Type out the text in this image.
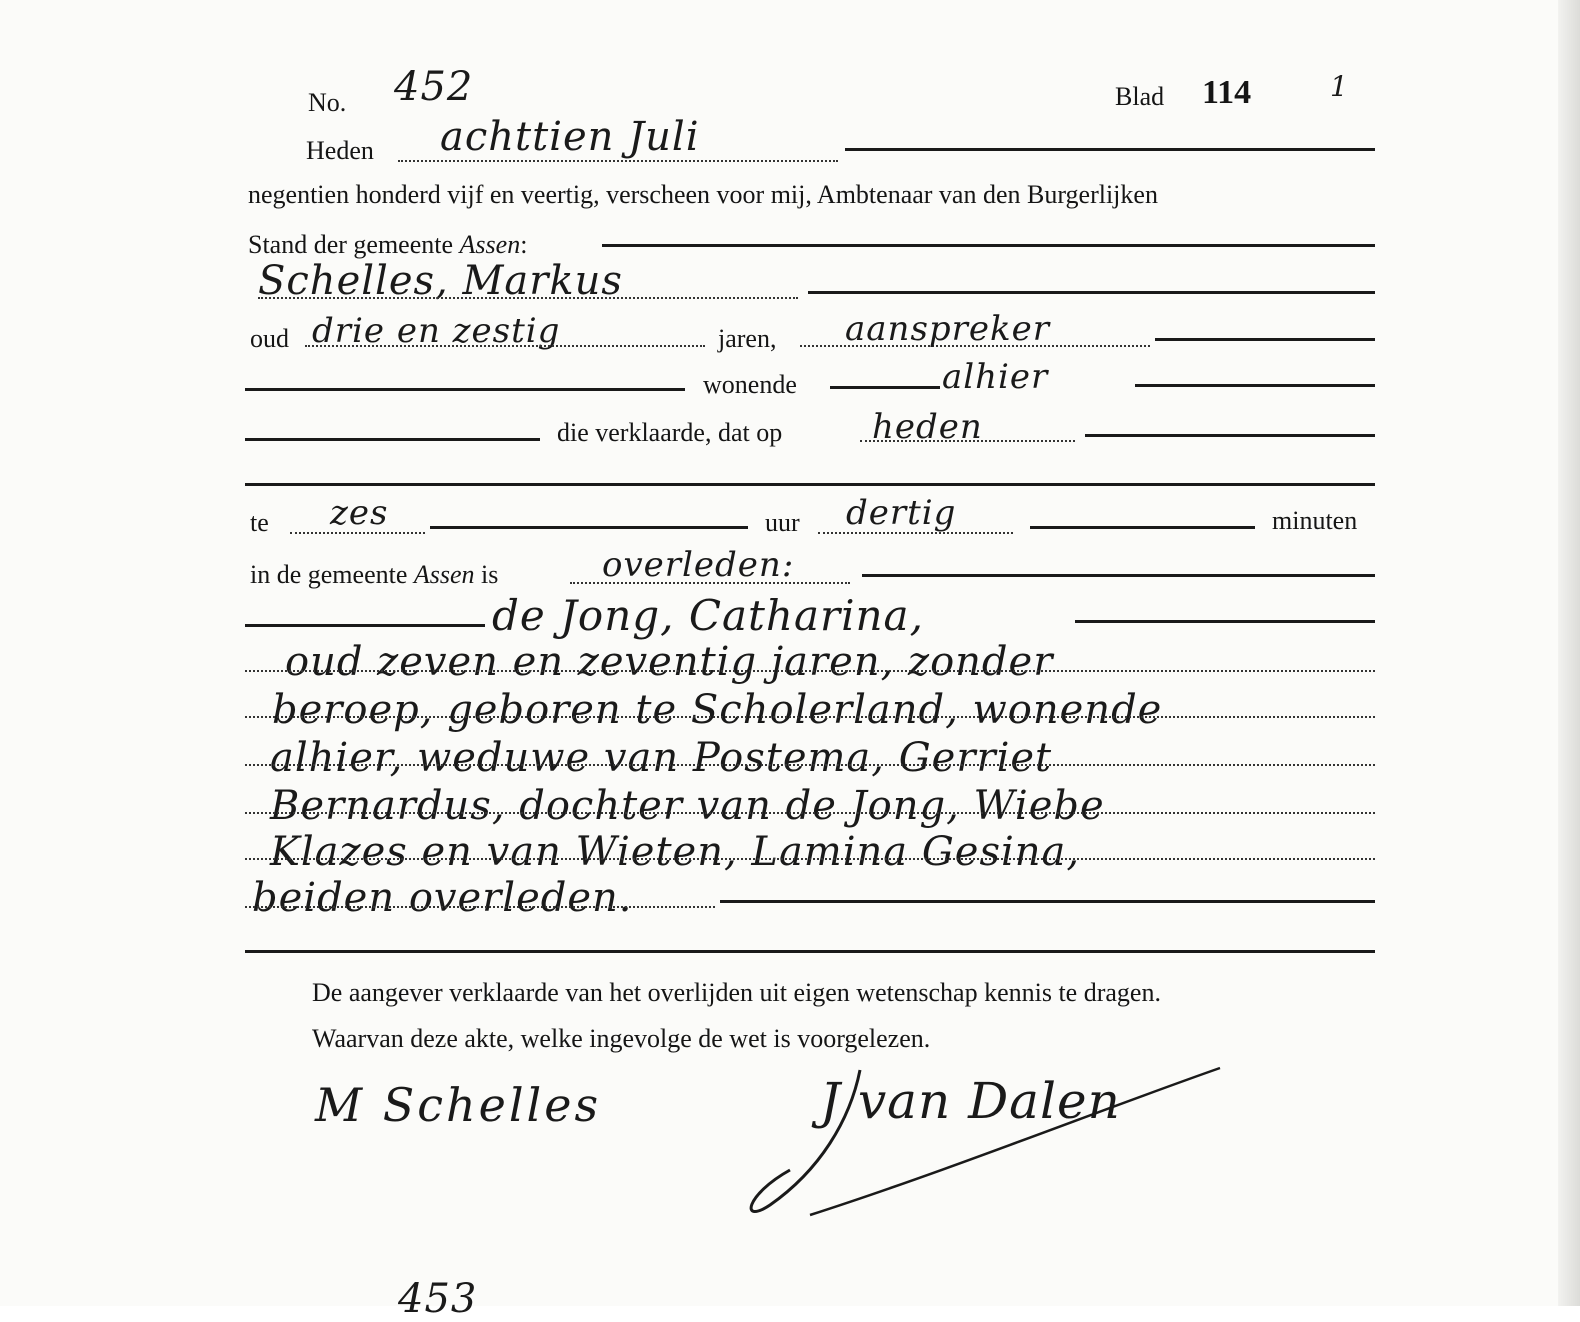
No. 452	Blad 114	1
Heden achttien Juli
negentien honderd vijf en veertig, verscheen voor mij, Ambtenaar van den Burgerlijken
Stand der gemeente Assen:
Schelles, Markus
oud drie en zestig	jaren, aanspreker
wonende	alhier
die verklaarde, dat op	heden
te zes	uur dertig	minuten
in de gemeente Assen is	overleden:
de Jong, Catharina,
oud zeven en zeventig jaren, zonder
beroep, geboren te Scholerland, wonende
alhier, weduwe van Postema, Gerriet
Bernardus, dochter van de Jong, Wiebe
Klazes en van Wieten, Lamina Gesina,
beiden overleden.
De aangever verklaarde van het overlijden uit eigen wetenschap kennis te dragen.
Waarvan deze akte, welke ingevolge de wet is voorgelezen.
M Schelles	J van Dalen
453
